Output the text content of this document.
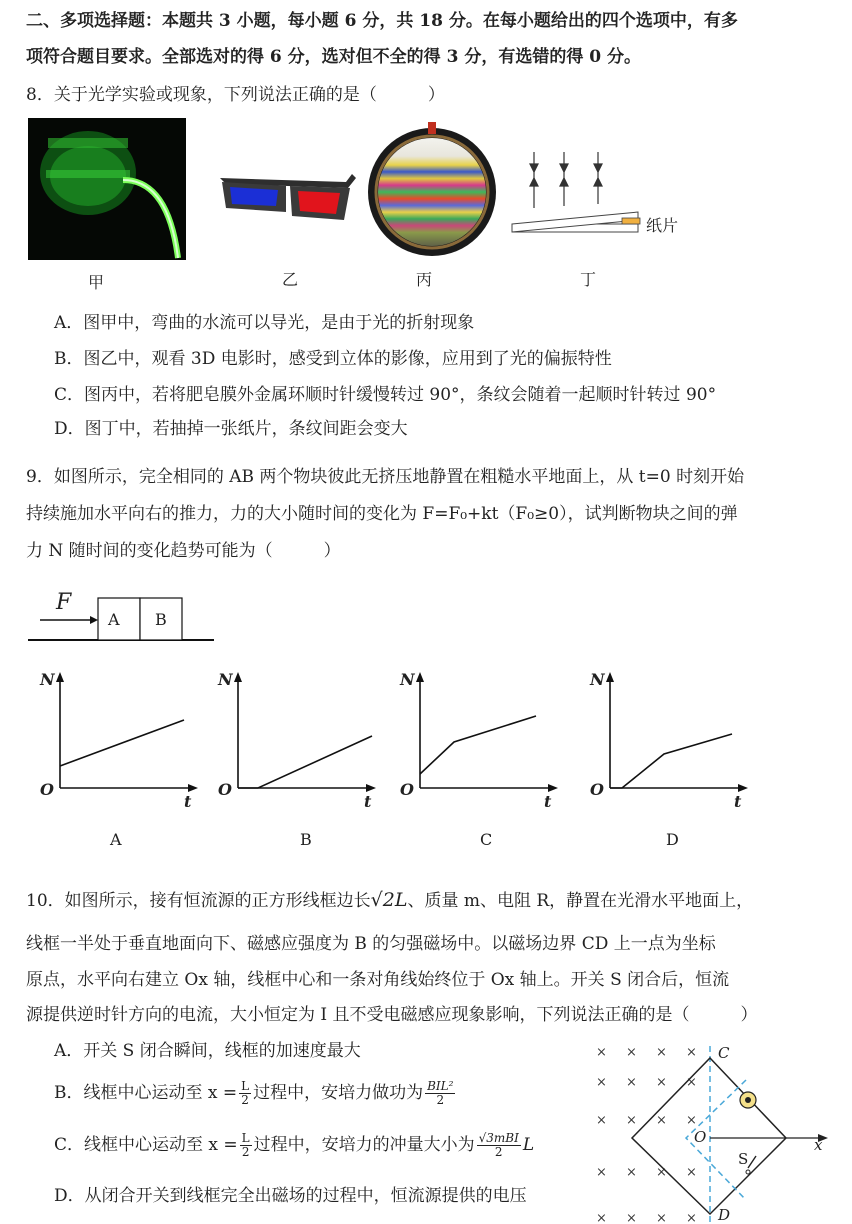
二、多项选择题：本题共 3 小题，每小题 6 分，共 18 分。在每小题给出的四个选项中，有多
项符合题目要求。全部选对的得 6 分，选对但不全的得 3 分，有选错的得 0 分。
8．关于光学实验或现象，下列说法正确的是（　　　）
纸片
甲	乙	丙	丁
A．图甲中，弯曲的水流可以导光，是由于光的折射现象
B．图乙中，观看 3D 电影时，感受到立体的影像，应用到了光的偏振特性
C．图丙中，若将肥皂膜外金属环顺时针缓慢转过 90°，条纹会随着一起顺时针转过 90°
D．图丁中，若抽掉一张纸片，条纹间距会变大
9．如图所示，完全相同的 AB 两个物块彼此无挤压地静置在粗糙水平地面上，从 t=0 时刻开始
持续施加水平向右的推力，力的大小随时间的变化为 F=F₀+kt（F₀≥0），试判断物块之间的弹
力 N 随时间的变化趋势可能为（　　　）
F
A B
N
O
t
A
N
O
t
B
N
O
t
C
N
O
t
D
10．如图所示，接有恒流源的正方形线框边长√2L、质量 m、电阻 R，静置在光滑水平地面上，
线框一半处于垂直地面向下、磁感应强度为 B 的匀强磁场中。以磁场边界 CD 上一点为坐标
原点，水平向右建立 Ox 轴，线框中心和一条对角线始终位于 Ox 轴上。开关 S 闭合后，恒流
源提供逆时针方向的电流，大小恒定为 I 且不受电磁感应现象影响，下列说法正确的是（　　　）
A．开关 S 闭合瞬间，线框的加速度最大
B．线框中心运动至 $x = \frac{L}{2}$ 过程中，安培力做功为 $\frac{\text{BIL²}}{2}$
C．线框中心运动至 $x = \frac{L}{2}$ 过程中，安培力的冲量大小为 $\frac{\text{√3mBI}}{2}$ L
D．从闭合开关到线框完全出磁场的过程中，恒流源提供的电压
× × × ×
× × × ×
× × × ×
× × × ×
× × × ×
C
D
O	x
S
